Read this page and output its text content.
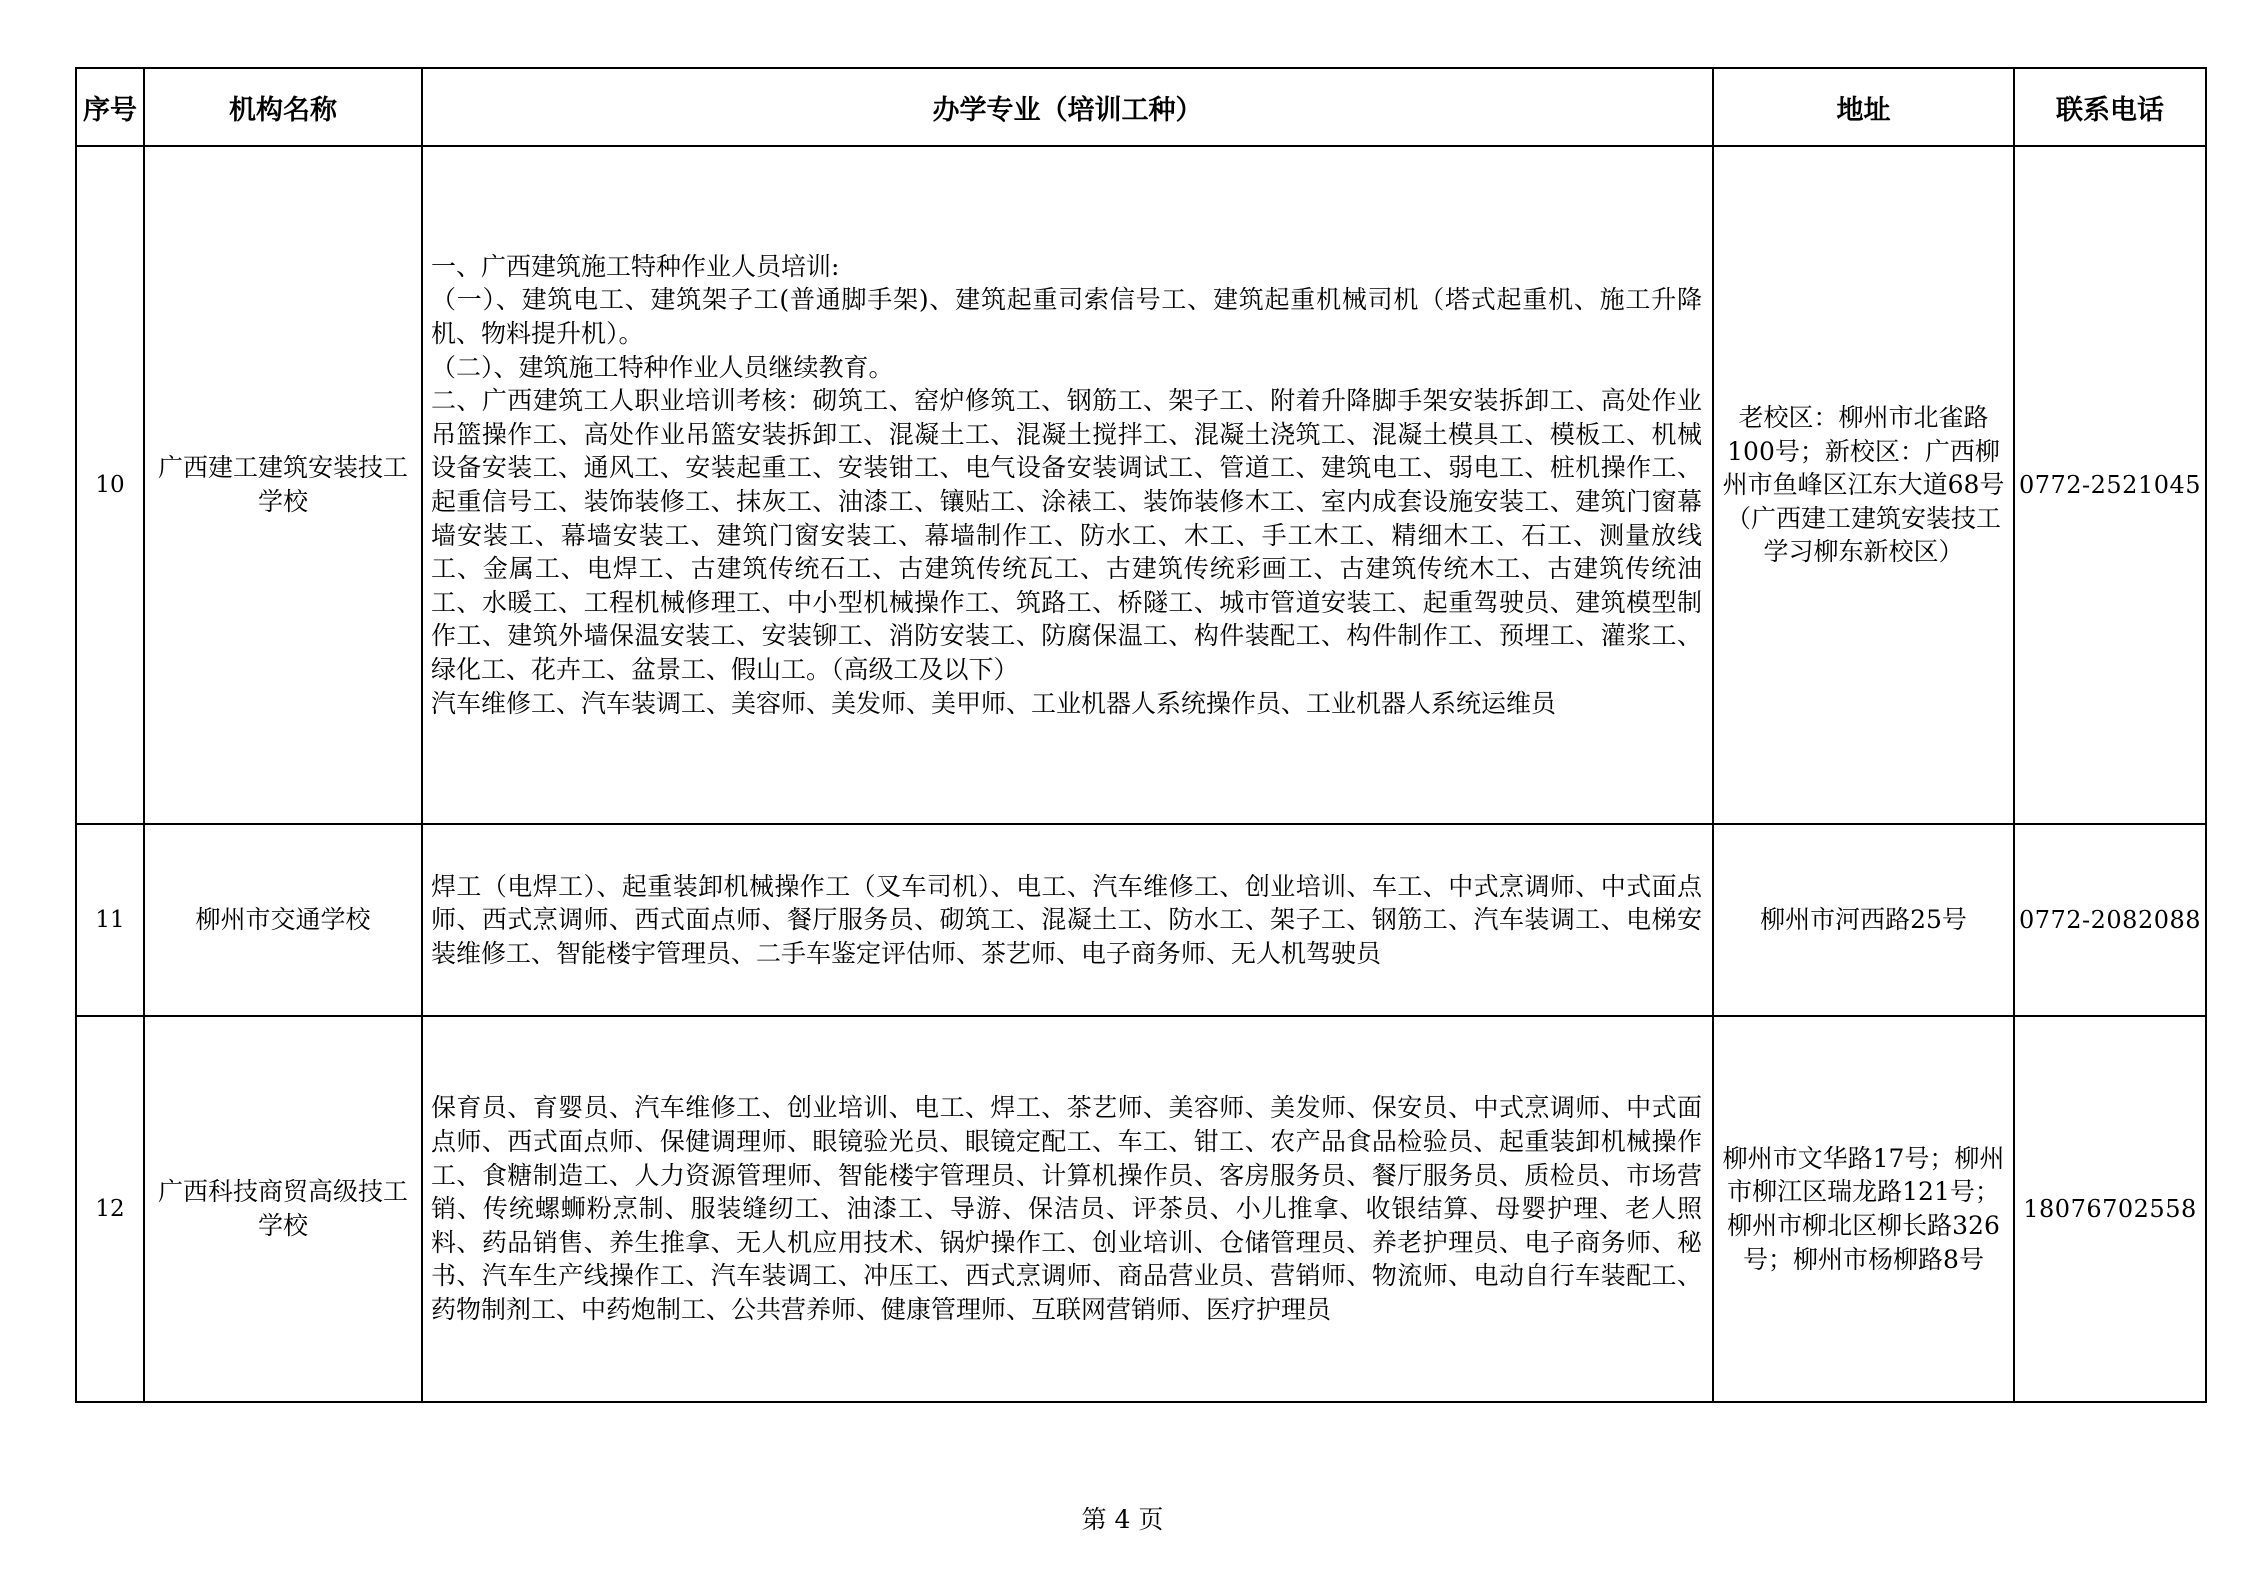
序号	机构名称	办学专业（培训工种）	地址	联系电话
10	广西建工建筑安装技工学校	一、广西建筑施工特种作业人员培训:

（一）、建筑电工、建筑架子工(普通脚手架)、建筑起重司索信号工、建筑起重机械司机（塔式起重机、施工升降机、物料提升机）。

（二）、建筑施工特种作业人员继续教育。

二、广西建筑工人职业培训考核：砌筑工、窑炉修筑工、钢筋工、架子工、附着升降脚手架安装拆卸工、高处作业吊篮操作工、高处作业吊篮安装拆卸工、混凝土工、混凝土搅拌工、混凝土浇筑工、混凝土模具工、模板工、机械设备安装工、通风工、安装起重工、安装钳工、电气设备安装调试工、管道工、建筑电工、弱电工、桩机操作工、起重信号工、装饰装修工、抹灰工、油漆工、镶贴工、涂裱工、装饰装修木工、室内成套设施安装工、建筑门窗幕墙安装工、幕墙安装工、建筑门窗安装工、幕墙制作工、防水工、木工、手工木工、精细木工、石工、测量放线工、金属工、电焊工、古建筑传统石工、古建筑传统瓦工、古建筑传统彩画工、古建筑传统木工、古建筑传统油工、水暖工、工程机械修理工、中小型机械操作工、筑路工、桥隧工、城市管道安装工、起重驾驶员、建筑模型制作工、建筑外墙保温安装工、安装铆工、消防安装工、防腐保温工、构件装配工、构件制作工、预埋工、灌浆工、绿化工、花卉工、盆景工、假山工。（高级工及以下）

汽车维修工、汽车装调工、美容师、美发师、美甲师、工业机器人系统操作员、工业机器人系统运维员	老校区：柳州市北雀路100号；新校区：广西柳州市鱼峰区江东大道68号（广西建工建筑安装技工学习柳东新校区）	0772-2521045
11	柳州市交通学校	焊工（电焊工）、起重装卸机械操作工（叉车司机）、电工、汽车维修工、创业培训、车工、中式烹调师、中式面点师、西式烹调师、西式面点师、餐厅服务员、砌筑工、混凝土工、防水工、架子工、钢筋工、汽车装调工、电梯安装维修工、智能楼宇管理员、二手车鉴定评估师、茶艺师、电子商务师、无人机驾驶员	柳州市河西路25号	0772-2082088
12	广西科技商贸高级技工学校	保育员、育婴员、汽车维修工、创业培训、电工、焊工、茶艺师、美容师、美发师、保安员、中式烹调师、中式面点师、西式面点师、保健调理师、眼镜验光员、眼镜定配工、车工、钳工、农产品食品检验员、起重装卸机械操作工、食糖制造工、人力资源管理师、智能楼宇管理员、计算机操作员、客房服务员、餐厅服务员、质检员、市场营销、传统螺蛳粉烹制、服装缝纫工、油漆工、导游、保洁员、评茶员、小儿推拿、收银结算、母婴护理、老人照料、药品销售、养生推拿、无人机应用技术、锅炉操作工、创业培训、仓储管理员、养老护理员、电子商务师、秘书、汽车生产线操作工、汽车装调工、冲压工、西式烹调师、商品营业员、营销师、物流师、电动自行车装配工、药物制剂工、中药炮制工、公共营养师、健康管理师、互联网营销师、医疗护理员	柳州市文华路17号；柳州市柳江区瑞龙路121号；柳州市柳北区柳长路326号；柳州市杨柳路8号	18076702558
第 4 页
